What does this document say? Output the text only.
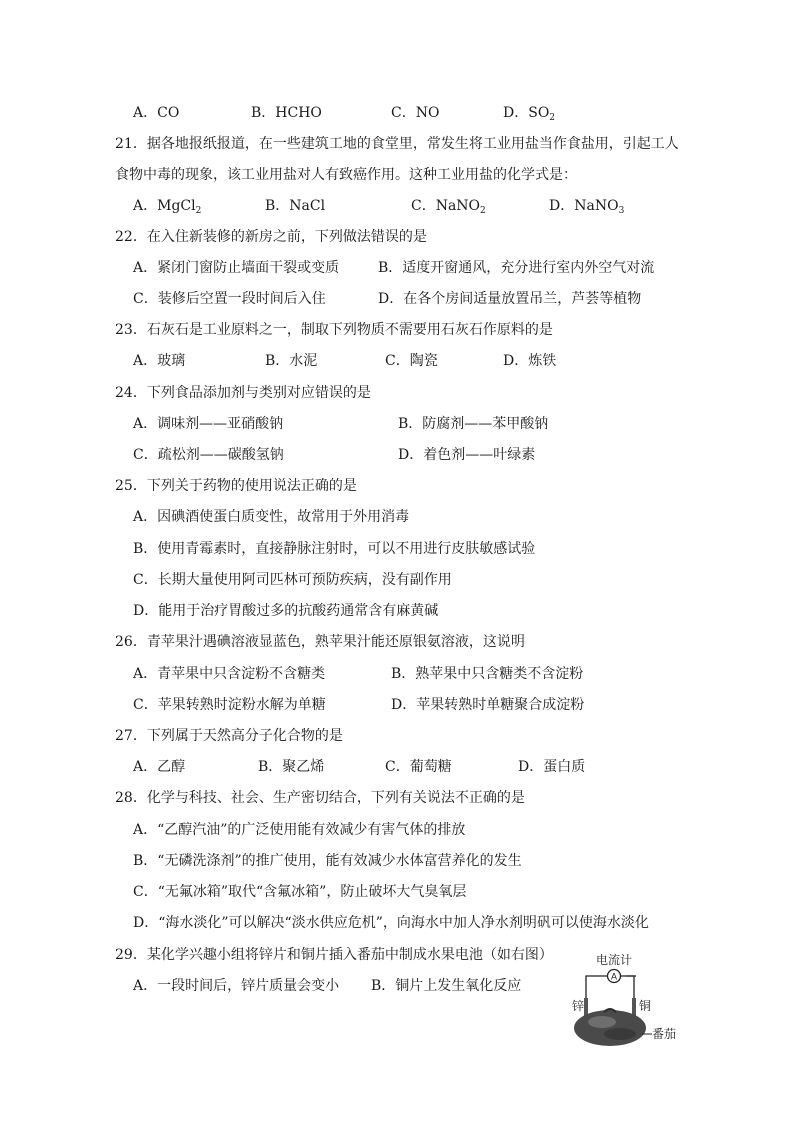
A．CO	B．HCHO	C．NO	D．$SO_2$
21．据各地报纸报道，在一些建筑工地的食堂里，常发生将工业用盐当作食盐用，引起工人
食物中毒的现象，该工业用盐对人有致癌作用。这种工业用盐的化学式是：
A．MgCl$_2$	B．NaCl	C．NaNO$_2$	D．NaNO$_3$
22．在入住新装修的新房之前，下列做法错误的是
A．紧闭门窗防止墙面干裂或变质	B．适度开窗通风，充分进行室内外空气对流
C．装修后空置一段时间后入住	D．在各个房间适量放置吊兰，芦荟等植物
23．石灰石是工业原料之一，制取下列物质不需要用石灰石作原料的是
A．玻璃	B．水泥	C．陶瓷	D．炼铁
24．下列食品添加剂与类别对应错误的是
A．调味剂——亚硝酸钠	B．防腐剂——苯甲酸钠
C．疏松剂——碳酸氢钠	D．着色剂——叶绿素
25．下列关于药物的使用说法正确的是
A．因碘酒使蛋白质变性，故常用于外用消毒
B．使用青霉素时，直接静脉注射时，可以不用进行皮肤敏感试验
C．长期大量使用阿司匹林可预防疾病，没有副作用
D．能用于治疗胃酸过多的抗酸药通常含有麻黄碱
26．青苹果汁遇碘溶液显蓝色，熟苹果汁能还原银氨溶液，这说明
A．青苹果中只含淀粉不含糖类	B．熟苹果中只含糖类不含淀粉
C．苹果转熟时淀粉水解为单糖	D．苹果转熟时单糖聚合成淀粉
27．下列属于天然高分子化合物的是
A．乙醇	B．聚乙烯	C．葡萄糖	D．蛋白质
28．化学与科技、社会、生产密切结合，下列有关说法不正确的是
A．“乙醇汽油”的广泛使用能有效减少有害气体的排放
B．“无磷洗涤剂”的推广使用，能有效减少水体富营养化的发生
C．“无氟冰箱”取代“含氟冰箱”，防止破坏大气臭氧层
D．“海水淡化”可以解决“淡水供应危机”，向海水中加人净水剂明矾可以使海水淡化
29．某化学兴趣小组将锌片和铜片插入番茄中制成水果电池（如右图）
A．一段时间后，锌片质量会变小 B．铜片上发生氧化反应
A
电流计
锌	铜
番茄
